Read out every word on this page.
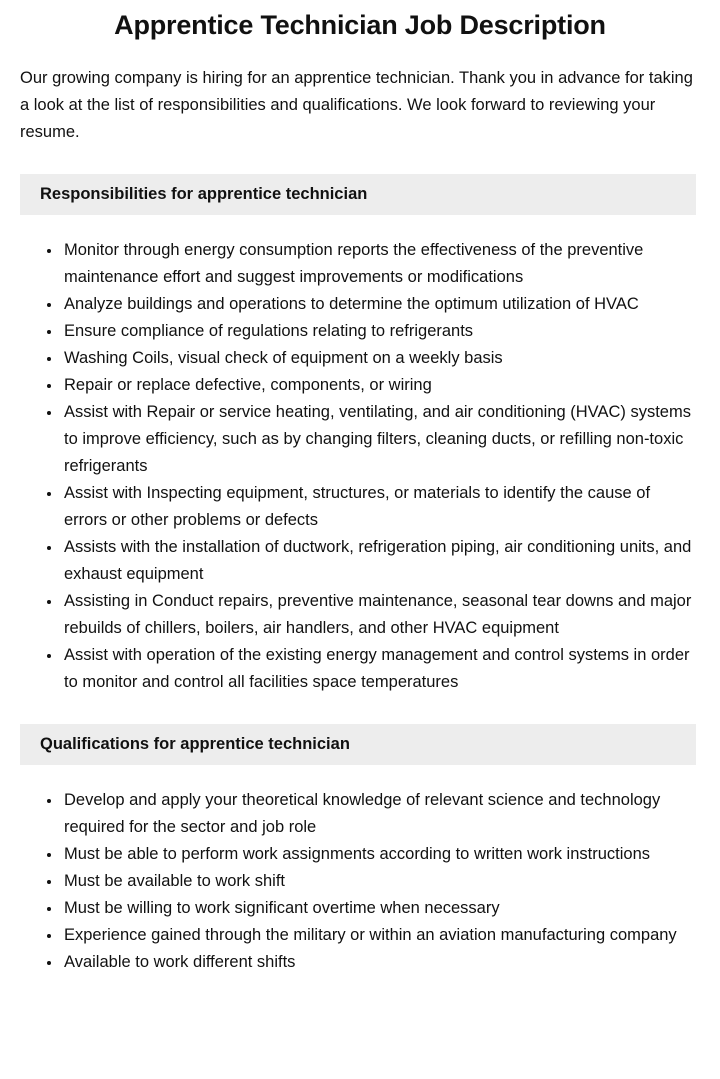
Apprentice Technician Job Description

Our growing company is hiring for an apprentice technician. Thank you in advance for taking a look at the list of responsibilities and qualifications. We look forward to reviewing your resume.

Responsibilities for apprentice technician
• Monitor through energy consumption reports the effectiveness of the preventive maintenance effort and suggest improvements or modifications
• Analyze buildings and operations to determine the optimum utilization of HVAC
• Ensure compliance of regulations relating to refrigerants
• Washing Coils, visual check of equipment on a weekly basis
• Repair or replace defective, components, or wiring
• Assist with Repair or service heating, ventilating, and air conditioning (HVAC) systems to improve efficiency, such as by changing filters, cleaning ducts, or refilling non-toxic refrigerants
• Assist with Inspecting equipment, structures, or materials to identify the cause of errors or other problems or defects
• Assists with the installation of ductwork, refrigeration piping, air conditioning units, and exhaust equipment
• Assisting in Conduct repairs, preventive maintenance, seasonal tear downs and major rebuilds of chillers, boilers, air handlers, and other HVAC equipment
• Assist with operation of the existing energy management and control systems in order to monitor and control all facilities space temperatures
Qualifications for apprentice technician
• Develop and apply your theoretical knowledge of relevant science and technology required for the sector and job role
• Must be able to perform work assignments according to written work instructions
• Must be available to work shift
• Must be willing to work significant overtime when necessary
• Experience gained through the military or within an aviation manufacturing company
• Available to work different shifts
